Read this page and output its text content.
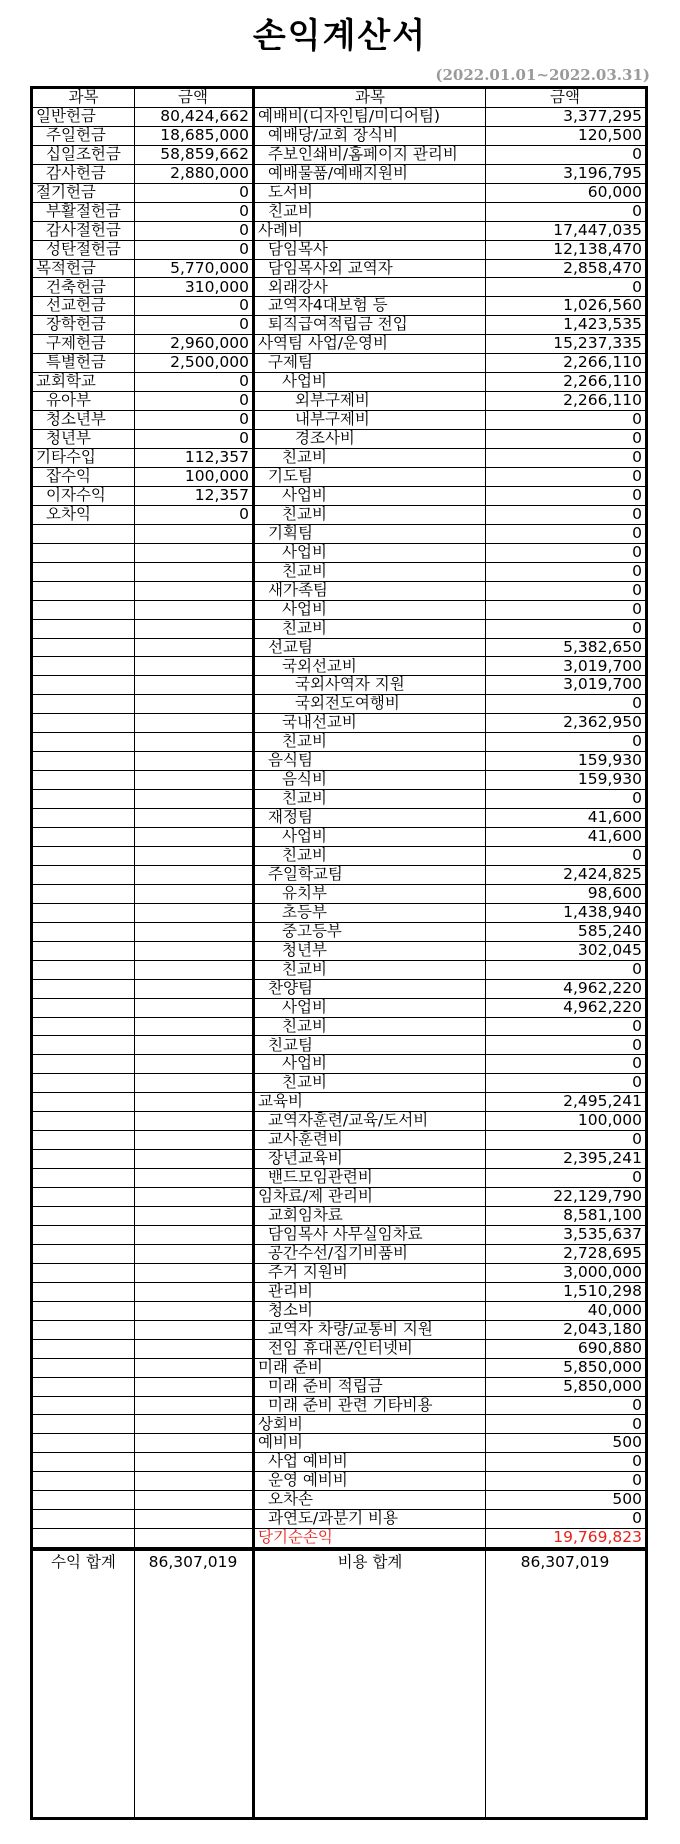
손익계산서
(2022.01.01~2022.03.31)
과목	금액
일반헌금	80,424,662
주일헌금	18,685,000
십일조헌금	58,859,662
감사헌금	2,880,000
절기헌금	0
부활절헌금	0
감사절헌금	0
성탄절헌금	0
목적헌금	5,770,000
건축헌금	310,000
선교헌금	0
장학헌금	0
구제헌금	2,960,000
특별헌금	2,500,000
교회학교	0
유아부	0
청소년부	0
청년부	0
기타수입	112,357
잡수익	100,000
이자수익	12,357
오차익	0
수익 합계	86,307,019
과목	금액
예배비(디자인팀/미디어팀)	3,377,295
예배당/교회 장식비	120,500
주보인쇄비/홈페이지 관리비	0
예배물품/예배지원비	3,196,795
도서비	60,000
친교비	0
사례비	17,447,035
담임목사	12,138,470
담임목사외 교역자	2,858,470
외래강사	0
교역자4대보험 등	1,026,560
퇴직급여적립금 전입	1,423,535
사역팀 사업/운영비	15,237,335
구제팀	2,266,110
사업비	2,266,110
외부구제비	2,266,110
내부구제비	0
경조사비	0
친교비	0
기도팀	0
사업비	0
친교비	0
기획팀	0
사업비	0
친교비	0
새가족팀	0
사업비	0
친교비	0
선교팀	5,382,650
국외선교비	3,019,700
국외사역자 지원	3,019,700
국외전도여행비	0
국내선교비	2,362,950
친교비	0
음식팀	159,930
음식비	159,930
친교비	0
재정팀	41,600
사업비	41,600
친교비	0
주일학교팀	2,424,825
유치부	98,600
초등부	1,438,940
중고등부	585,240
청년부	302,045
친교비	0
찬양팀	4,962,220
사업비	4,962,220
친교비	0
친교팀	0
사업비	0
친교비	0
교육비	2,495,241
교역자훈련/교육/도서비	100,000
교사훈련비	0
장년교육비	2,395,241
밴드모임관련비	0
임차료/제 관리비	22,129,790
교회임차료	8,581,100
담임목사 사무실임차료	3,535,637
공간수선/집기비품비	2,728,695
주거 지원비	3,000,000
관리비	1,510,298
청소비	40,000
교역자 차량/교통비 지원	2,043,180
전임 휴대폰/인터넷비	690,880
미래 준비	5,850,000
미래 준비 적립금	5,850,000
미래 준비 관련 기타비용	0
상회비	0
예비비	500
사업 예비비	0
운영 예비비	0
오차손	500
과연도/과분기 비용	0
당기순손익	19,769,823
비용 합계	86,307,019
